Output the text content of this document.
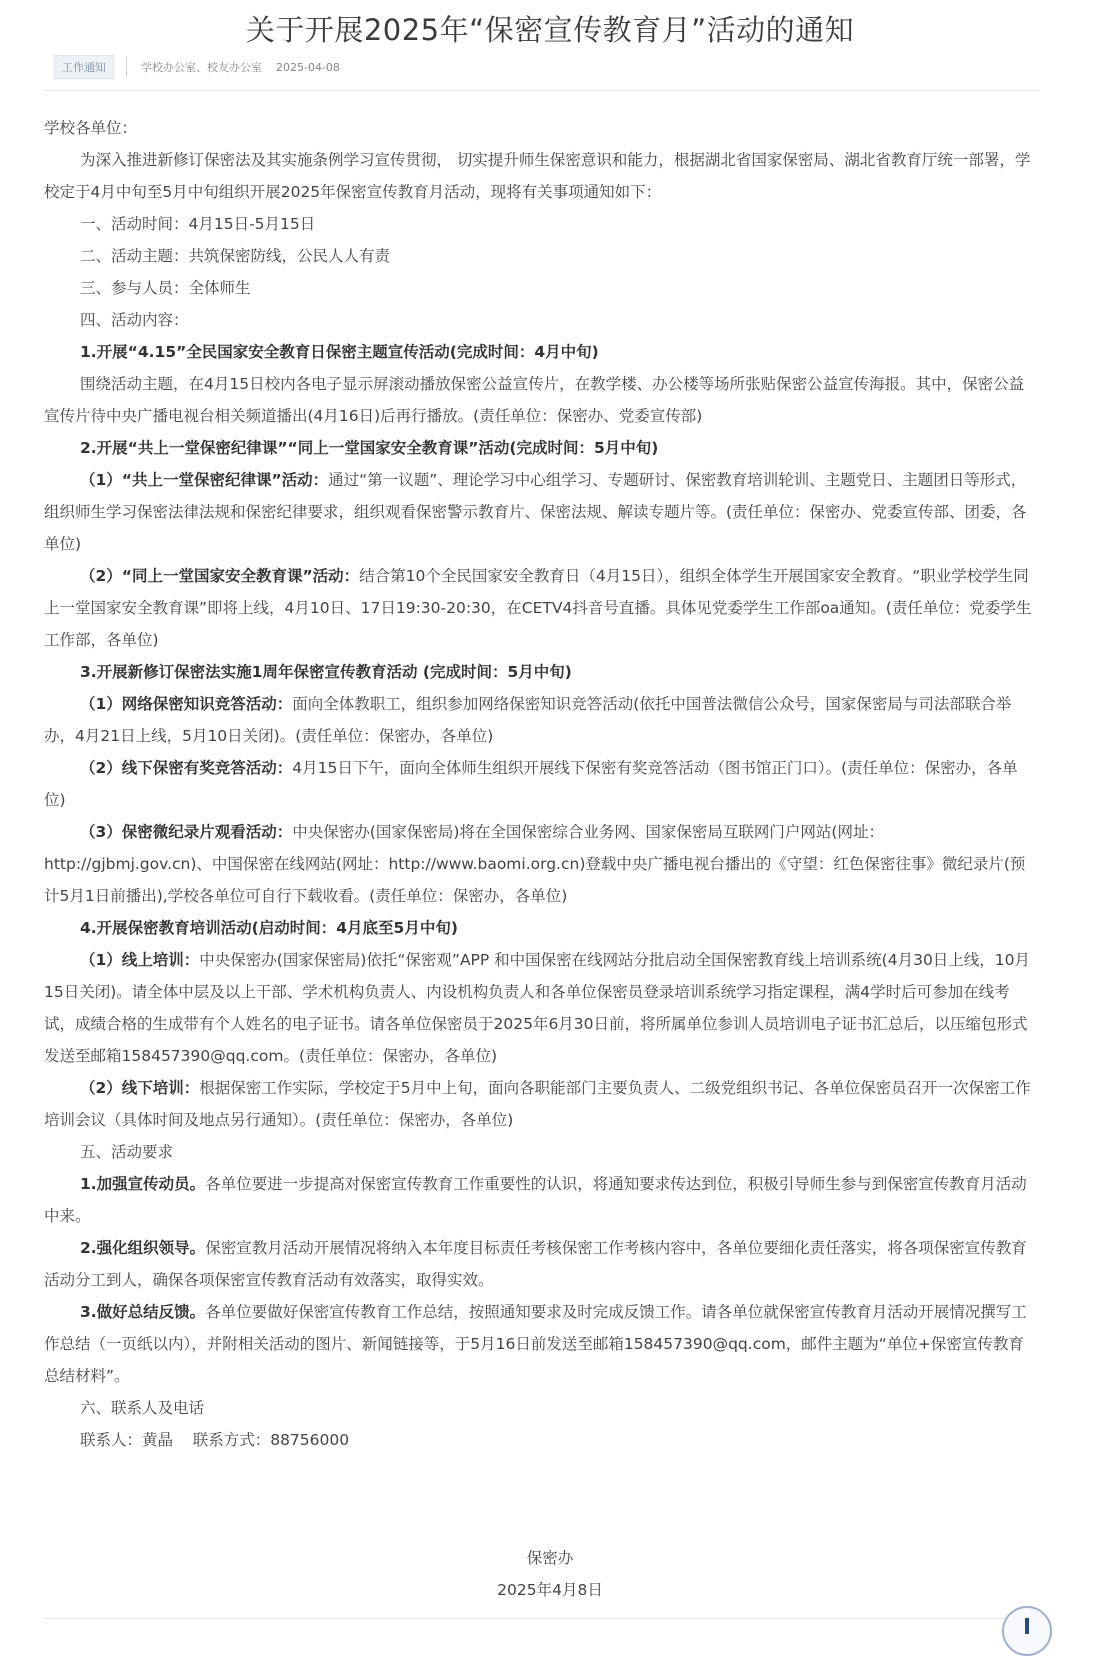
关于开展2025年“保密宣传教育月”活动的通知
工作通知	学校办公室、校友办公室 2025-04-08

学校各单位：

为深入推进新修订保密法及其实施条例学习宣传贯彻， 切实提升师生保密意识和能力，根据湖北省国家保密局、湖北省教育厅统一部署，学校定于4月中旬至5月中旬组织开展2025年保密宣传教育月活动，现将有关事项通知如下：

一、活动时间：4月15日-5月15日

二、活动主题：共筑保密防线，公民人人有责

三、参与人员：全体师生

四、活动内容：

1.开展“4.15”全民国家安全教育日保密主题宣传活动(完成时间：4月中旬)

围绕活动主题，在4月15日校内各电子显示屏滚动播放保密公益宣传片，在教学楼、办公楼等场所张贴保密公益宣传海报。其中，保密公益宣传片待中央广播电视台相关频道播出(4月16日)后再行播放。(责任单位：保密办、党委宣传部)

2.开展“共上一堂保密纪律课”“同上一堂国家安全教育课”活动(完成时间：5月中旬)

（1）“共上一堂保密纪律课”活动：通过“第一议题”、理论学习中心组学习、专题研讨、保密教育培训轮训、主题党日、主题团日等形式，组织师生学习保密法律法规和保密纪律要求，组织观看保密警示教育片、保密法规、解读专题片等。(责任单位：保密办、党委宣传部、团委，各单位)

（2）“同上一堂国家安全教育课”活动：结合第10个全民国家安全教育日（4月15日），组织全体学生开展国家安全教育。“职业学校学生同上一堂国家安全教育课”即将上线，4月10日、17日19:30-20:30，在CETV4抖音号直播。具体见党委学生工作部oa通知。(责任单位：党委学生工作部，各单位)

3.开展新修订保密法实施1周年保密宣传教育活动 (完成时间：5月中旬)

（1）网络保密知识竞答活动：面向全体教职工，组织参加网络保密知识竞答活动(依托中国普法微信公众号，国家保密局与司法部联合举办，4月21日上线，5月10日关闭)。(责任单位：保密办，各单位)

（2）线下保密有奖竞答活动：4月15日下午，面向全体师生组织开展线下保密有奖竞答活动（图书馆正门口）。(责任单位：保密办，各单位)

（3）保密微纪录片观看活动：中央保密办(国家保密局)将在全国保密综合业务网、国家保密局互联网门户网站(网址：http://gjbmj.gov.cn)、中国保密在线网站(网址：http://www.baomi.org.cn)登载中央广播电视台播出的《守望：红色保密往事》微纪录片(预计5月1日前播出),学校各单位可自行下载收看。(责任单位：保密办，各单位)

4.开展保密教育培训活动(启动时间：4月底至5月中旬)

（1）线上培训：中央保密办(国家保密局)依托“保密观”APP 和中国保密在线网站分批启动全国保密教育线上培训系统(4月30日上线，10月15日关闭)。请全体中层及以上干部、学术机构负责人、内设机构负责人和各单位保密员登录培训系统学习指定课程，满4学时后可参加在线考试，成绩合格的生成带有个人姓名的电子证书。请各单位保密员于2025年6月30日前，将所属单位参训人员培训电子证书汇总后，以压缩包形式发送至邮箱158457390@qq.com。(责任单位：保密办，各单位)

（2）线下培训：根据保密工作实际，学校定于5月中上旬，面向各职能部门主要负责人、二级党组织书记、各单位保密员召开一次保密工作培训会议（具体时间及地点另行通知）。(责任单位：保密办，各单位)

五、活动要求

1.加强宣传动员。各单位要进一步提高对保密宣传教育工作重要性的认识，将通知要求传达到位，积极引导师生参与到保密宣传教育月活动中来。

2.强化组织领导。保密宣教月活动开展情况将纳入本年度目标责任考核保密工作考核内容中，各单位要细化责任落实，将各项保密宣传教育活动分工到人，确保各项保密宣传教育活动有效落实，取得实效。

3.做好总结反馈。各单位要做好保密宣传教育工作总结，按照通知要求及时完成反馈工作。请各单位就保密宣传教育月活动开展情况撰写工作总结（一页纸以内），并附相关活动的图片、新闻链接等，于5月16日前发送至邮箱158457390@qq.com，邮件主题为“单位+保密宣传教育总结材料”。

六、联系人及电话

联系人：黄晶    联系方式：88756000

保密办
2025年4月8日
